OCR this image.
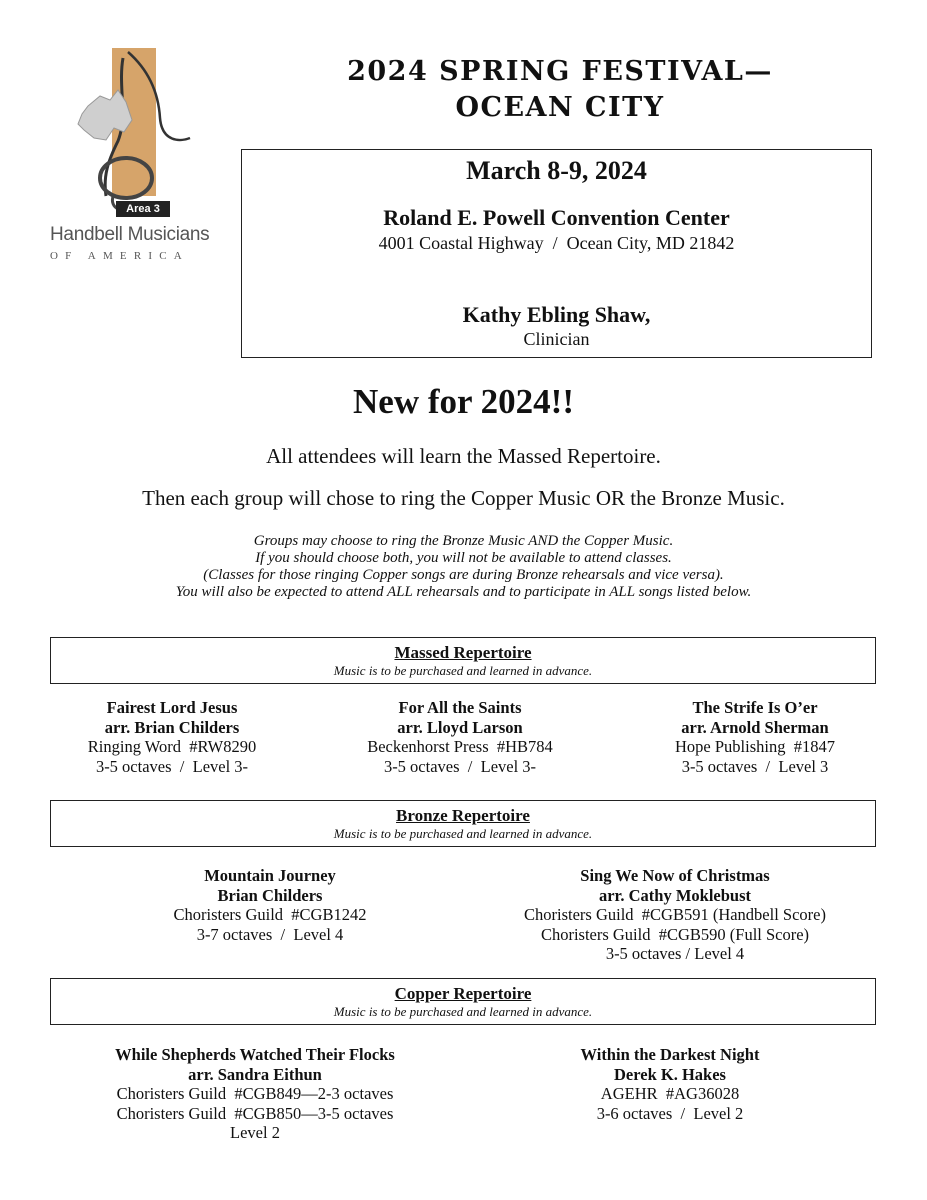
Area 3
Handbell Musicians
OF AMERICA
2024 SPRING FESTIVAL—
OCEAN CITY
March 8-9, 2024
Roland E. Powell Convention Center
4001 Coastal Highway  /  Ocean City, MD 21842
Kathy Ebling Shaw,
Clinician
New for 2024!!
All attendees will learn the Massed Repertoire.
Then each group will chose to ring the Copper Music OR the Bronze Music.
Groups may choose to ring the Bronze Music AND the Copper Music.
If you should choose both, you will not be available to attend classes.
(Classes for those ringing Copper songs are during Bronze rehearsals and vice versa).
You will also be expected to attend ALL rehearsals and to participate in ALL songs listed below.
Massed Repertoire
Music is to be purchased and learned in advance.
Fairest Lord Jesus
arr. Brian Childers
Ringing Word  #RW8290
3-5 octaves  /  Level 3-
For All the Saints
arr. Lloyd Larson
Beckenhorst Press  #HB784
3-5 octaves  /  Level 3-
The Strife Is O’er
arr. Arnold Sherman
Hope Publishing  #1847
3-5 octaves  /  Level 3
Bronze Repertoire
Music is to be purchased and learned in advance.
Mountain Journey
Brian Childers
Choristers Guild  #CGB1242
3-7 octaves  /  Level 4
Sing We Now of Christmas
arr. Cathy Moklebust
Choristers Guild  #CGB591 (Handbell Score)
Choristers Guild  #CGB590 (Full Score)
3-5 octaves / Level 4
Copper Repertoire
Music is to be purchased and learned in advance.
While Shepherds Watched Their Flocks
arr. Sandra Eithun
Choristers Guild  #CGB849—2-3 octaves
Choristers Guild  #CGB850—3-5 octaves
Level 2
Within the Darkest Night
Derek K. Hakes
AGEHR  #AG36028
3-6 octaves  /  Level 2
